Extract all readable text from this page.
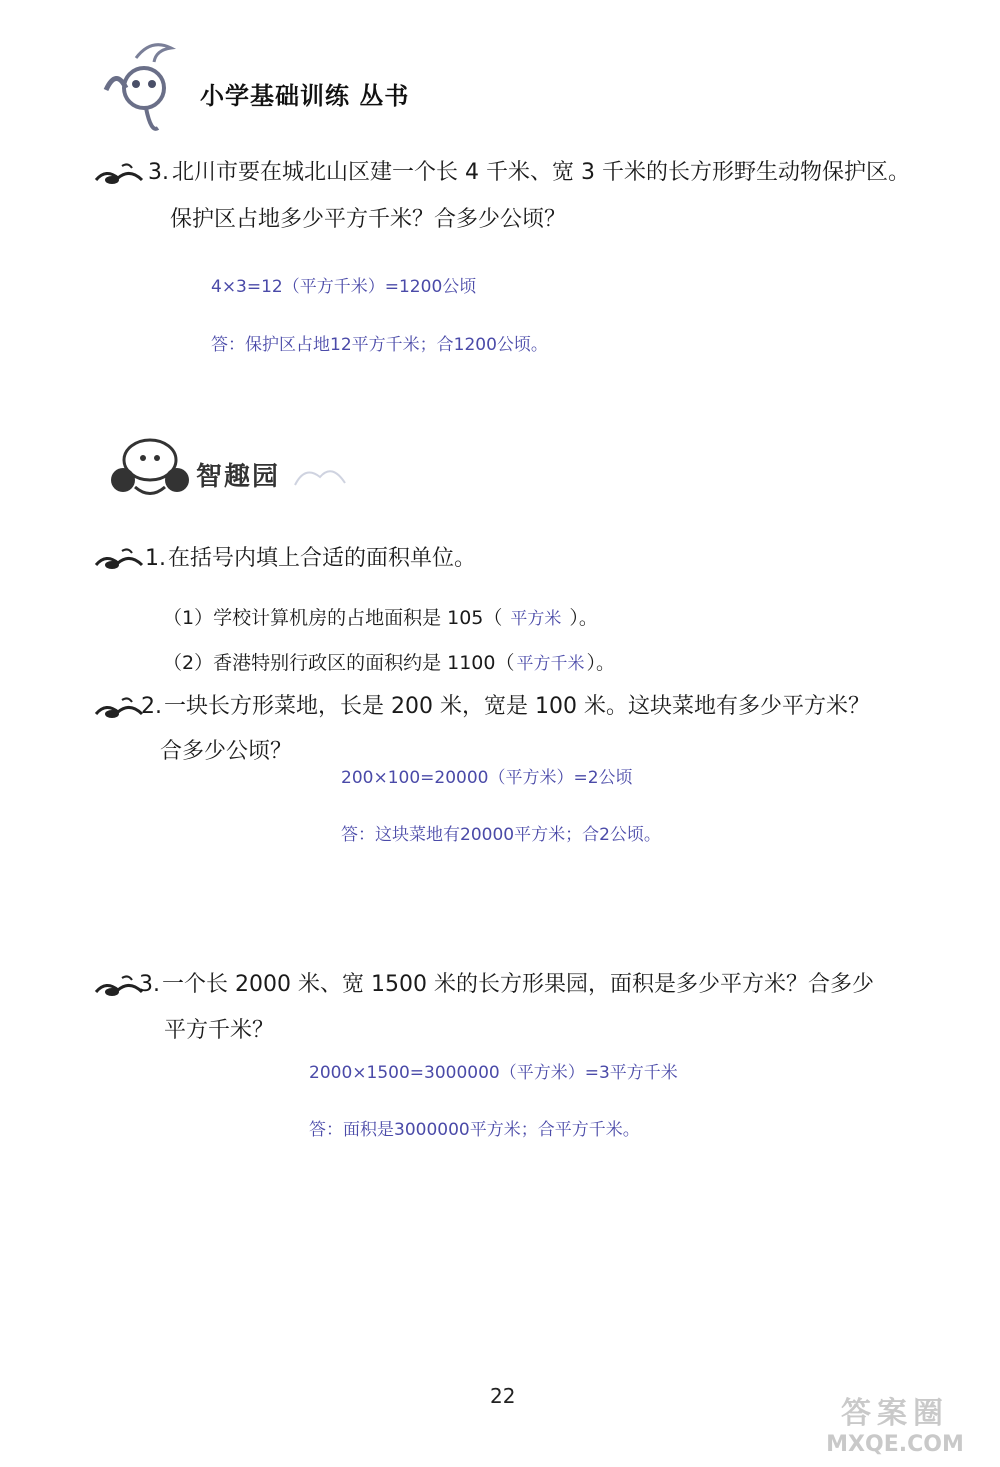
小学基础训练 丛书
3. 北川市要在城北山区建一个长 4 千米、宽 3 千米的长方形野生动物保护区。
保护区占地多少平方千米？合多少公顷？
4×3=12（平方千米）=1200公顷
答：保护区占地12平方千米；合1200公顷。
智趣园
1. 在括号内填上合适的面积单位。
（1）学校计算机房的占地面积是 105（ 平方米 ）。
（2）香港特别行政区的面积约是 1100（ 平方千米 ）。
2. 一块长方形菜地，长是 200 米，宽是 100 米。这块菜地有多少平方米？
合多少公顷？
200×100=20000（平方米）=2公顷
答：这块菜地有20000平方米；合2公顷。
3. 一个长 2000 米、宽 1500 米的长方形果园，面积是多少平方米？合多少
平方千米？
2000×1500=3000000（平方米）=3平方千米
答：面积是3000000平方米；合平方千米。
22	答案圈
MXQE.COM
